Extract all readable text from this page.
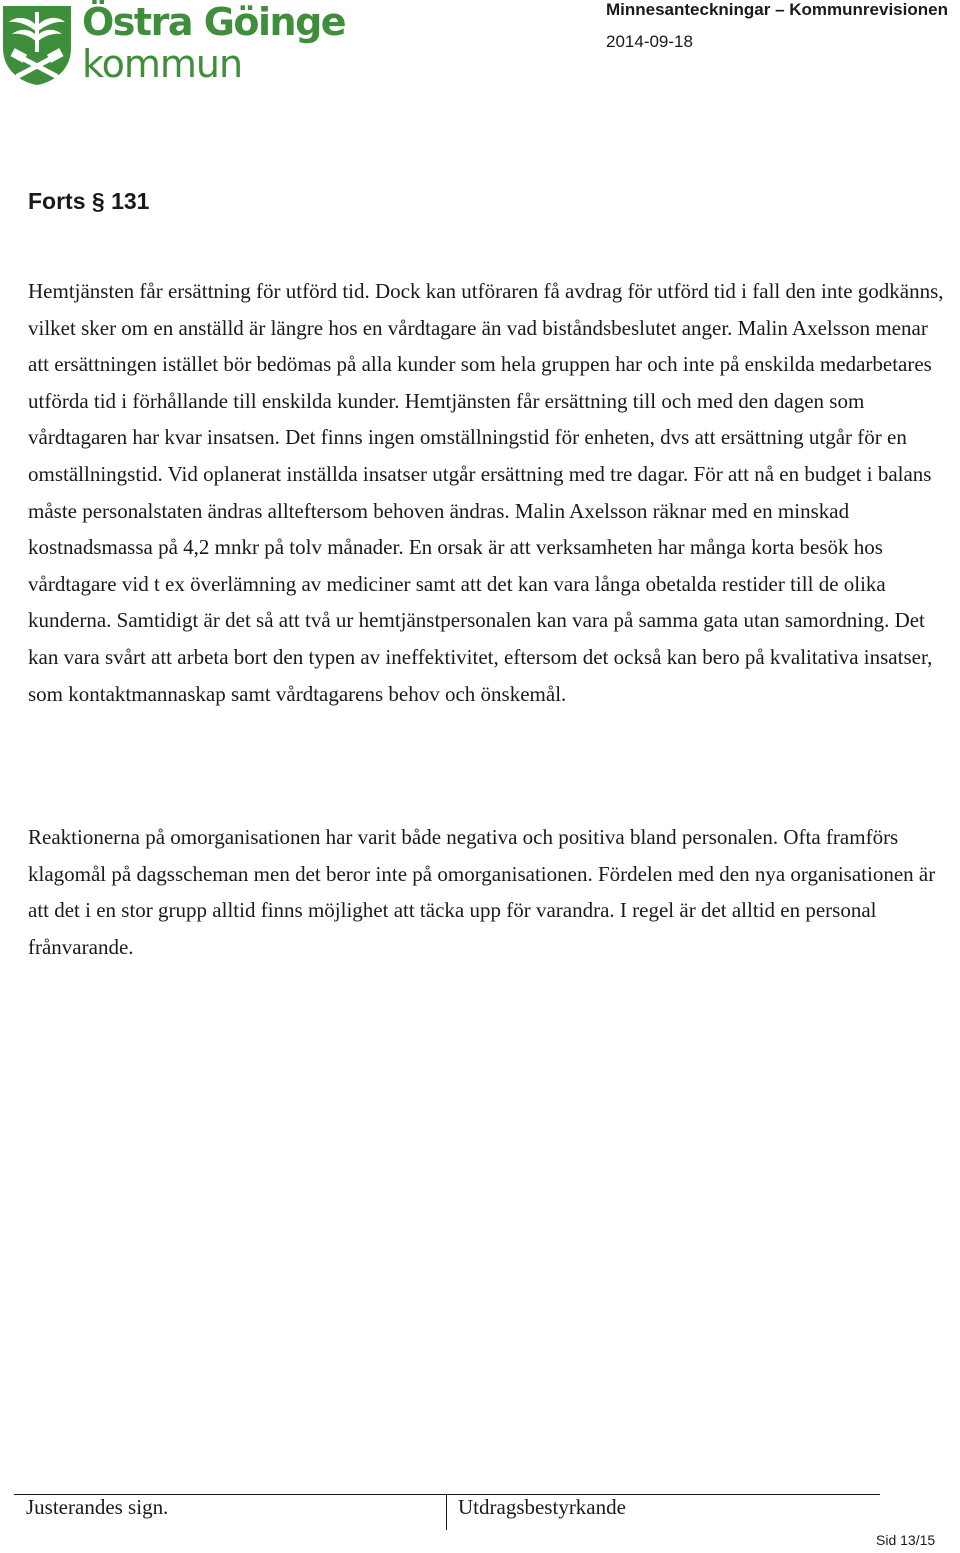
Östra Göinge
kommun
Minnesanteckningar – Kommunrevisionen
2014-09-18
Forts § 131

Hemtjänsten får ersättning för utförd tid. Dock kan utföraren få avdrag för utförd tid i fall den inte godkänns, vilket sker om en anställd är längre hos en vårdtagare än vad biståndsbeslutet anger. Malin Axelsson menar att ersättningen istället bör bedömas på alla kunder som hela gruppen har och inte på enskilda medarbetares utförda tid i förhållande till enskilda kunder. Hemtjänsten får ersättning till och med den dagen som vårdtagaren har kvar insatsen. Det finns ingen omställningstid för enheten, dvs att ersättning utgår för en omställningstid. Vid oplanerat inställda insatser utgår ersättning med tre dagar. För att nå en budget i balans måste personalstaten ändras allteftersom behoven ändras. Malin Axelsson räknar med en minskad kostnadsmassa på 4,2 mnkr på tolv månader. En orsak är att verksamheten har många korta besök hos vårdtagare vid t ex överlämning av mediciner samt att det kan vara långa obetalda restider till de olika kunderna. Samtidigt är det så att två ur hemtjänstpersonalen kan vara på samma gata utan samordning. Det kan vara svårt att arbeta bort den typen av ineffektivitet, eftersom det också kan bero på kvalitativa insatser, som kontaktmannaskap samt vårdtagarens behov och önskemål.

Reaktionerna på omorganisationen har varit både negativa och positiva bland personalen. Ofta framförs klagomål på dagsscheman men det beror inte på omorganisationen. Fördelen med den nya organisationen är att det i en stor grupp alltid finns möjlighet att täcka upp för varandra. I regel är det alltid en personal frånvarande.

Justerandes sign.	Utdragsbestyrkande
Sid 13/15
